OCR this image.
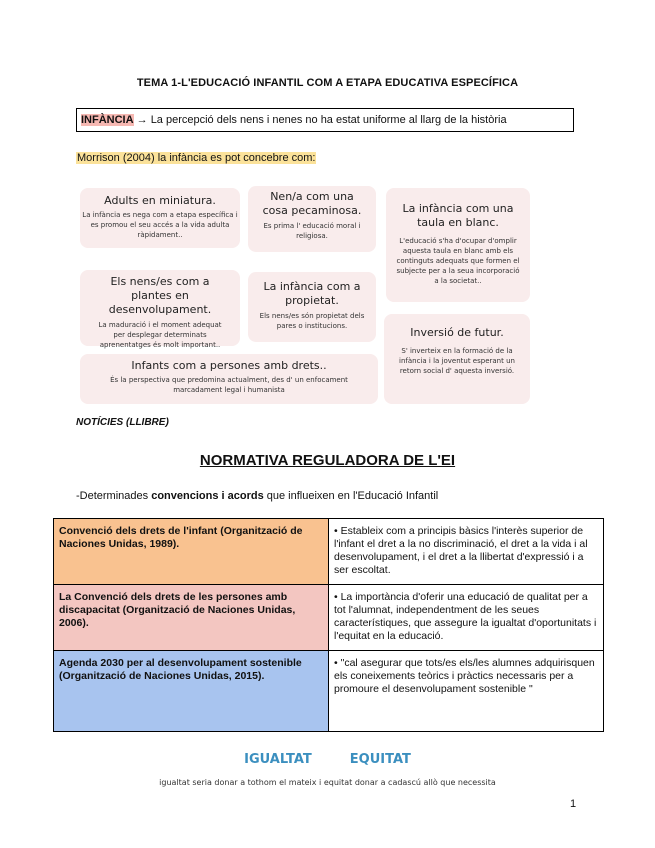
TEMA 1-L'EDUCACIÓ INFANTIL COM A ETAPA EDUCATIVA ESPECÍFICA
INFÀNCIA → La percepció dels nens i nenes no ha estat uniforme al llarg de la història
Morrison (2004) la infància es pot concebre com:
Adults en miniatura.
La infància es nega com a etapa específica i es promou el seu accés a la vida adulta ràpidament..
Nen/a com una cosa pecaminosa.
Es prima l' educació moral i religiosa.
La infància com una taula en blanc.
L'educació s'ha d'ocupar d'omplir aquesta taula en blanc amb els continguts adequats que formen el subjecte per a la seua incorporació a la societat..
Els nens/es com a plantes en desenvolupament.
La maduració i el moment adequat per desplegar determinats aprenentatges és molt important..
La infància com a propietat.
Els nens/es són propietat dels pares o institucions.	Inversió de futur.
S' inverteix en la formació de la infància i la joventut esperant un retorn social d' aquesta inversió.
Infants com a persones amb drets..
És la perspectiva que predomina actualment, des d' un enfocament marcadament legal i humanista
NOTÍCIES (LLIBRE)
NORMATIVA REGULADORA DE L'EI
-Determinades convencions i acords que influeixen en l'Educació Infantil
Convenció dels drets de l'infant (Organització de Naciones Unidas, 1989).	• Estableix com a principis bàsics l'interès superior de l'infant el dret a la no discriminació, el dret a la vida i al desenvolupament, i el dret a la llibertat d'expressió i a ser escoltat.
La Convenció dels drets de les persones amb discapacitat (Organització de Naciones Unidas, 2006).	• La importància d'oferir una educació de qualitat per a tot l'alumnat, independentment de les seues característiques, que assegure la igualtat d'oportunitats i l'equitat en la educació.
Agenda 2030 per al desenvolupament sostenible (Organització de Naciones Unidas, 2015).	• "cal asegurar que tots/es els/les alumnes adquirisquen els coneixements teòrics i pràctics necessaris per a promoure el desenvolupament sostenible "
IGUALTAT	EQUITAT
igualtat seria donar a tothom el mateix i equitat donar a cadascú allò que necessita
1
